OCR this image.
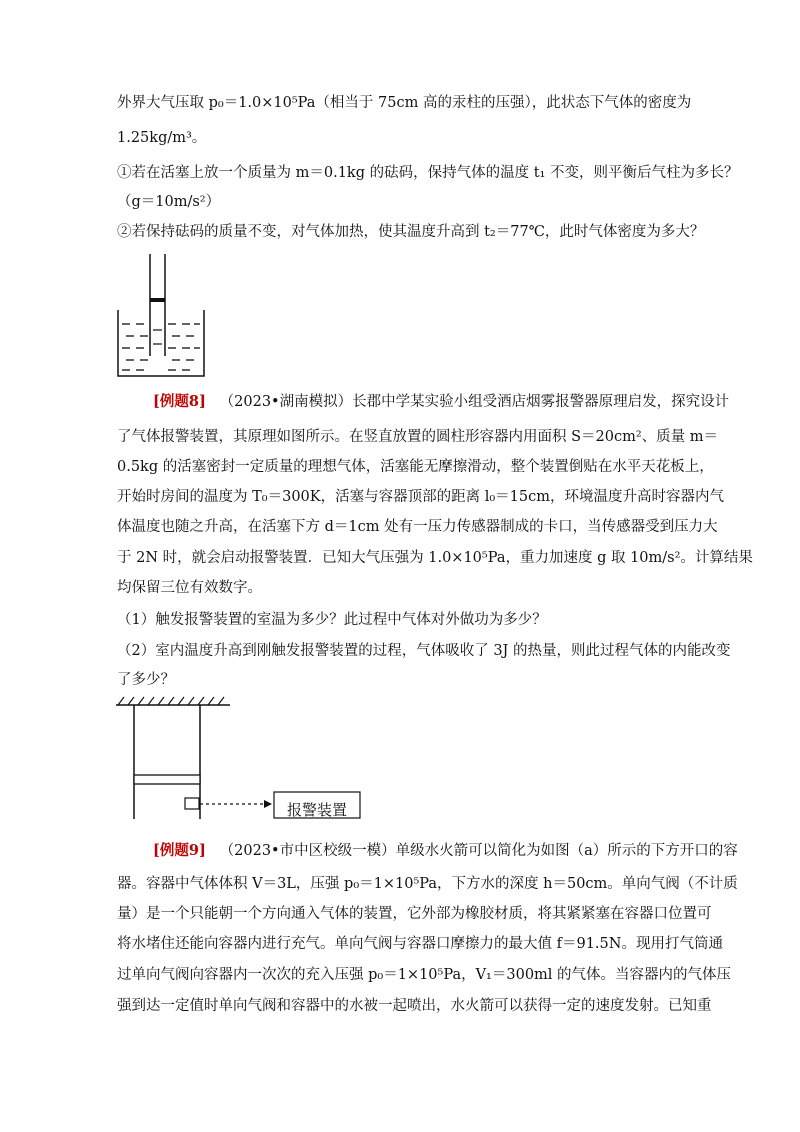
外界大气压取 p₀＝1.0×10⁵Pa（相当于 75cm 高的汞柱的压强），此状态下气体的密度为
1.25kg/m³。
①若在活塞上放一个质量为 m＝0.1kg 的砝码，保持气体的温度 t₁ 不变，则平衡后气柱为多长？
（g＝10m/s²）
②若保持砝码的质量不变，对气体加热，使其温度升高到 t₂＝77℃，此时气体密度为多大？
[例题8] （2023•湖南模拟）长郡中学某实验小组受酒店烟雾报警器原理启发，探究设计
了气体报警装置，其原理如图所示。在竖直放置的圆柱形容器内用面积 S＝20cm²、质量 m＝
0.5kg 的活塞密封一定质量的理想气体，活塞能无摩擦滑动，整个装置倒贴在水平天花板上，
开始时房间的温度为 T₀＝300K，活塞与容器顶部的距离 l₀＝15cm，环境温度升高时容器内气
体温度也随之升高，在活塞下方 d＝1cm 处有一压力传感器制成的卡口，当传感器受到压力大
于 2N 时，就会启动报警装置．已知大气压强为 1.0×10⁵Pa，重力加速度 g 取 10m/s²。计算结果
均保留三位有效数字。
（1）触发报警装置的室温为多少？此过程中气体对外做功为多少？
（2）室内温度升高到刚触发报警装置的过程，气体吸收了 3J 的热量，则此过程气体的内能改变
了多少？
报警装置
[例题9] （2023•市中区校级一模）单级水火箭可以简化为如图（a）所示的下方开口的容
器。容器中气体体积 V＝3L，压强 p₀＝1×10⁵Pa，下方水的深度 h＝50cm。单向气阀（不计质
量）是一个只能朝一个方向通入气体的装置，它外部为橡胶材质，将其紧紧塞在容器口位置可
将水堵住还能向容器内进行充气。单向气阀与容器口摩擦力的最大值 f＝91.5N。现用打气筒通
过单向气阀向容器内一次次的充入压强 p₀＝1×10⁵Pa，V₁＝300ml 的气体。当容器内的气体压
强到达一定值时单向气阀和容器中的水被一起喷出，水火箭可以获得一定的速度发射。已知重
